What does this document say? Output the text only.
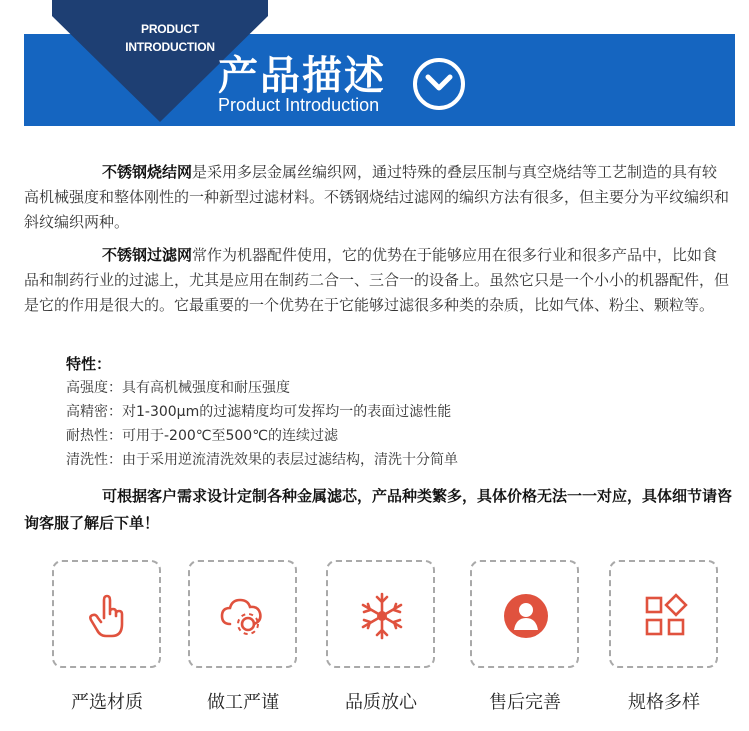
PRODUCT
INTRODUCTION
产品描述
Product Introduction
不锈钢烧结网是采用多层金属丝编织网，通过特殊的叠层压制与真空烧结等工艺制造的具有较高机械强度和整体刚性的一种新型过滤材料。不锈钢烧结过滤网的编织方法有很多，但主要分为平纹编织和斜纹编织两种。
不锈钢过滤网常作为机器配件使用，它的优势在于能够应用在很多行业和很多产品中，比如食品和制药行业的过滤上，尤其是应用在制药二合一、三合一的设备上。虽然它只是一个小小的机器配件，但是它的作用是很大的。它最重要的一个优势在于它能够过滤很多种类的杂质，比如气体、粉尘、颗粒等。
特性：
高强度：具有高机械强度和耐压强度
高精密：对1-300μm的过滤精度均可发挥均一的表面过滤性能
耐热性：可用于-200℃至500℃的连续过滤
清洗性：由于采用逆流清洗效果的表层过滤结构，清洗十分简单
可根据客户需求设计定制各种金属滤芯，产品种类繁多，具体价格无法一一对应，具体细节请咨询客服了解后下单！
严选材质	做工严谨	品质放心	售后完善	规格多样
